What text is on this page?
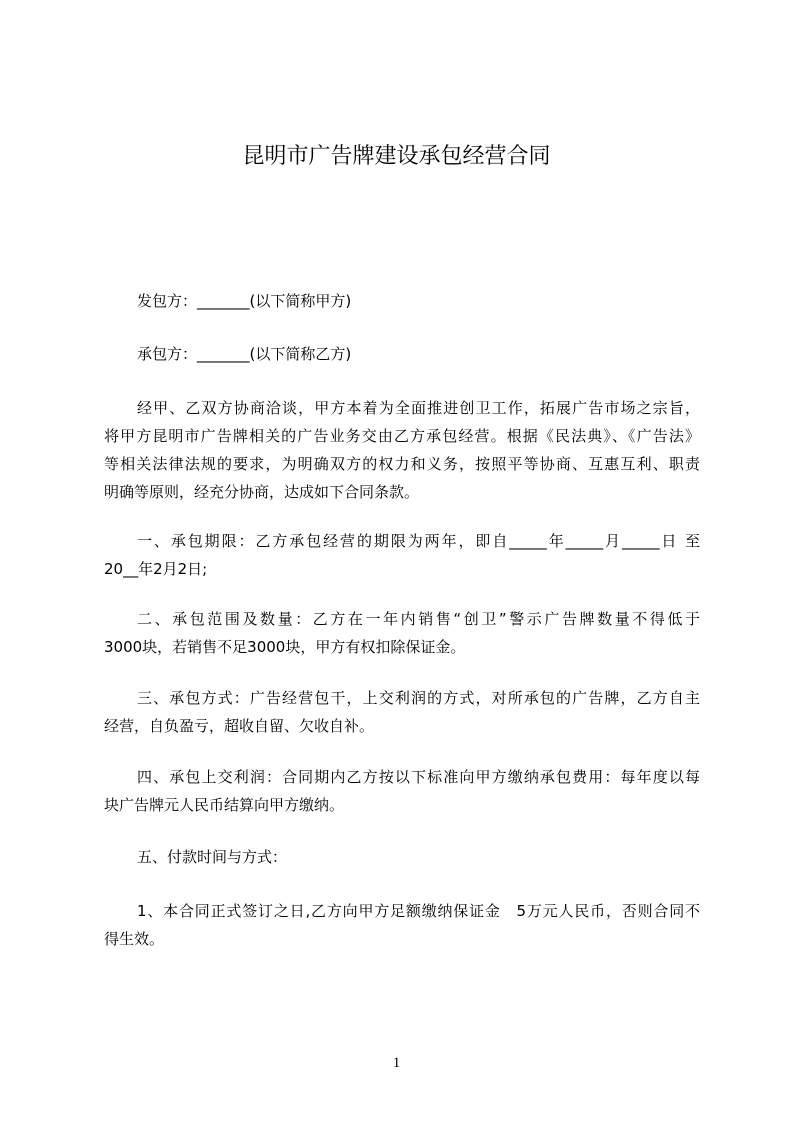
昆明市广告牌建设承包经营合同
发包方：_______(以下简称甲方)
承包方：_______(以下简称乙方)
经甲、乙双方协商洽谈，甲方本着为全面推进创卫工作，拓展广告市场之宗旨，
将甲方昆明市广告牌相关的广告业务交由乙方承包经营。根据《民法典》、《广告法》
等相关法律法规的要求，为明确双方的权力和义务，按照平等协商、互惠互利、职责
明确等原则，经充分协商，达成如下合同条款。
一、承包期限：乙方承包经营的期限为两年，即自_____年_____月_____日 至
20__年2月2日;
二、承包范围及数量：乙方在一年内销售“创卫”警示广告牌数量不得低于
3000块，若销售不足3000块，甲方有权扣除保证金。
三、承包方式：广告经营包干，上交利润的方式，对所承包的广告牌，乙方自主
经营，自负盈亏，超收自留、欠收自补。
四、承包上交利润：合同期内乙方按以下标准向甲方缴纳承包费用：每年度以每
块广告牌元人民币结算向甲方缴纳。
五、付款时间与方式：
1、本合同正式签订之日,乙方向甲方足额缴纳保证金　5万元人民币，否则合同不
得生效。
1
